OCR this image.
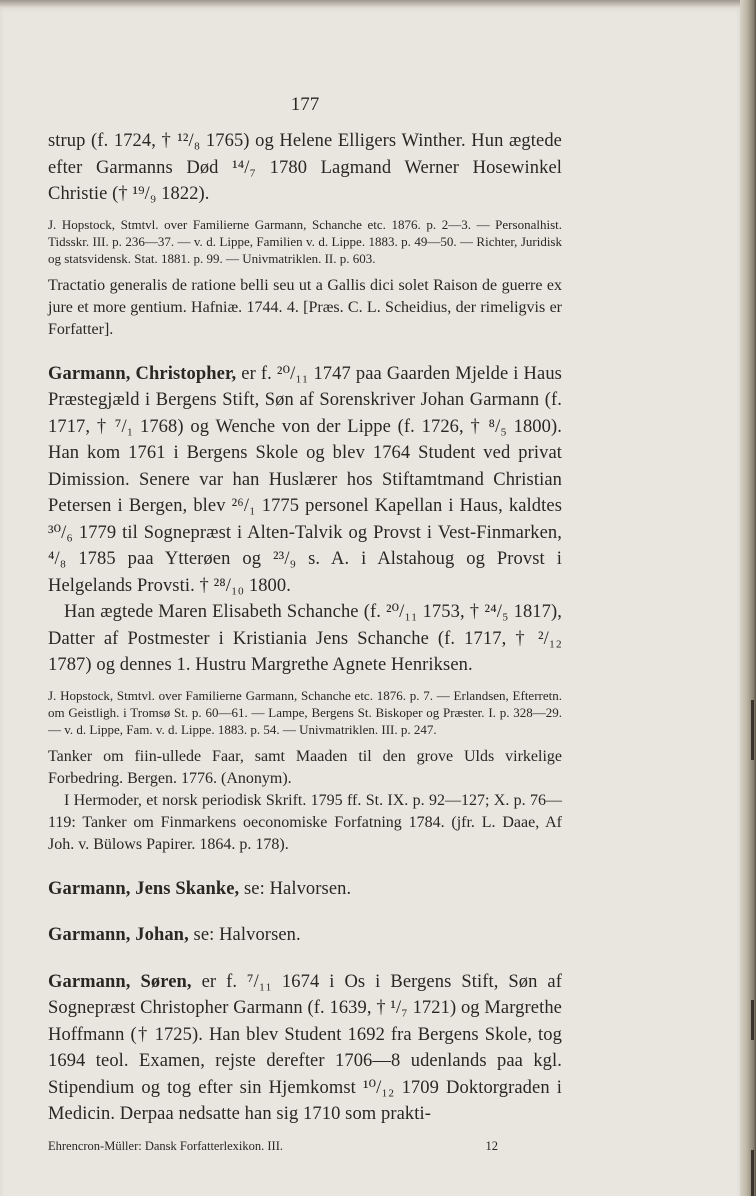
177

strup (f. 1724, † ¹²/₈ 1765) og Helene Elligers Winther. Hun ægtede efter Garmanns Død ¹⁴/₇ 1780 Lagmand Werner Hosewinkel Christie († ¹⁹/₉ 1822).

J. Hopstock, Stmtvl. over Familierne Garmann, Schanche etc. 1876. p. 2—3. — Personalhist. Tidsskr. III. p. 236—37. — v. d. Lippe, Familien v. d. Lippe. 1883. p. 49—50. — Richter, Juridisk og statsvidensk. Stat. 1881. p. 99. — Univmatriklen. II. p. 603.

Tractatio generalis de ratione belli seu ut a Gallis dici solet Raison de guerre ex jure et more gentium. Hafniæ. 1744. 4. [Præs. C. L. Scheidius, der rimeligvis er Forfatter].

Garmann, Christopher, er f. ²⁰/₁₁ 1747 paa Gaarden Mjelde i Haus Præstegjæld i Bergens Stift, Søn af Sorenskriver Johan Garmann (f. 1717, † ⁷/₁ 1768) og Wenche von der Lippe (f. 1726, † ⁸/₅ 1800). Han kom 1761 i Bergens Skole og blev 1764 Student ved privat Dimission. Senere var han Huslærer hos Stiftamtmand Christian Petersen i Bergen, blev ²⁶/₁ 1775 personel Kapellan i Haus, kaldtes ³⁰/₆ 1779 til Sognepræst i Alten-Talvik og Provst i Vest-Finmarken, ⁴/₈ 1785 paa Ytterøen og ²³/₉ s. A. i Alstahoug og Provst i Helgelands Provsti. † ²⁸/₁₀ 1800.

Han ægtede Maren Elisabeth Schanche (f. ²⁰/₁₁ 1753, † ²⁴/₅ 1817), Datter af Postmester i Kristiania Jens Schanche (f. 1717, † ²/₁₂ 1787) og dennes 1. Hustru Margrethe Agnete Henriksen.

J. Hopstock, Stmtvl. over Familierne Garmann, Schanche etc. 1876. p. 7. — Erlandsen, Efterretn. om Geistligh. i Tromsø St. p. 60—61. — Lampe, Bergens St. Biskoper og Præster. I. p. 328—29. — v. d. Lippe, Fam. v. d. Lippe. 1883. p. 54. — Univmatriklen. III. p. 247.

Tanker om fiin-ullede Faar, samt Maaden til den grove Ulds virkelige Forbedring. Bergen. 1776. (Anonym).

I Hermoder, et norsk periodisk Skrift. 1795 ff. St. IX. p. 92—127; X. p. 76—119: Tanker om Finmarkens oeconomiske Forfatning 1784. (jfr. L. Daae, Af Joh. v. Bülows Papirer. 1864. p. 178).

Garmann, Jens Skanke, se: Halvorsen.

Garmann, Johan, se: Halvorsen.

Garmann, Søren, er f. ⁷/₁₁ 1674 i Os i Bergens Stift, Søn af Sognepræst Christopher Garmann (f. 1639, † ¹/₇ 1721) og Margrethe Hoffmann († 1725). Han blev Student 1692 fra Bergens Skole, tog 1694 teol. Examen, rejste derefter 1706—8 udenlands paa kgl. Stipendium og tog efter sin Hjemkomst ¹⁰/₁₂ 1709 Doktorgraden i Medicin. Derpaa nedsatte han sig 1710 som prakti-

Ehrencron-Müller: Dansk Forfatterlexikon. III.	12
